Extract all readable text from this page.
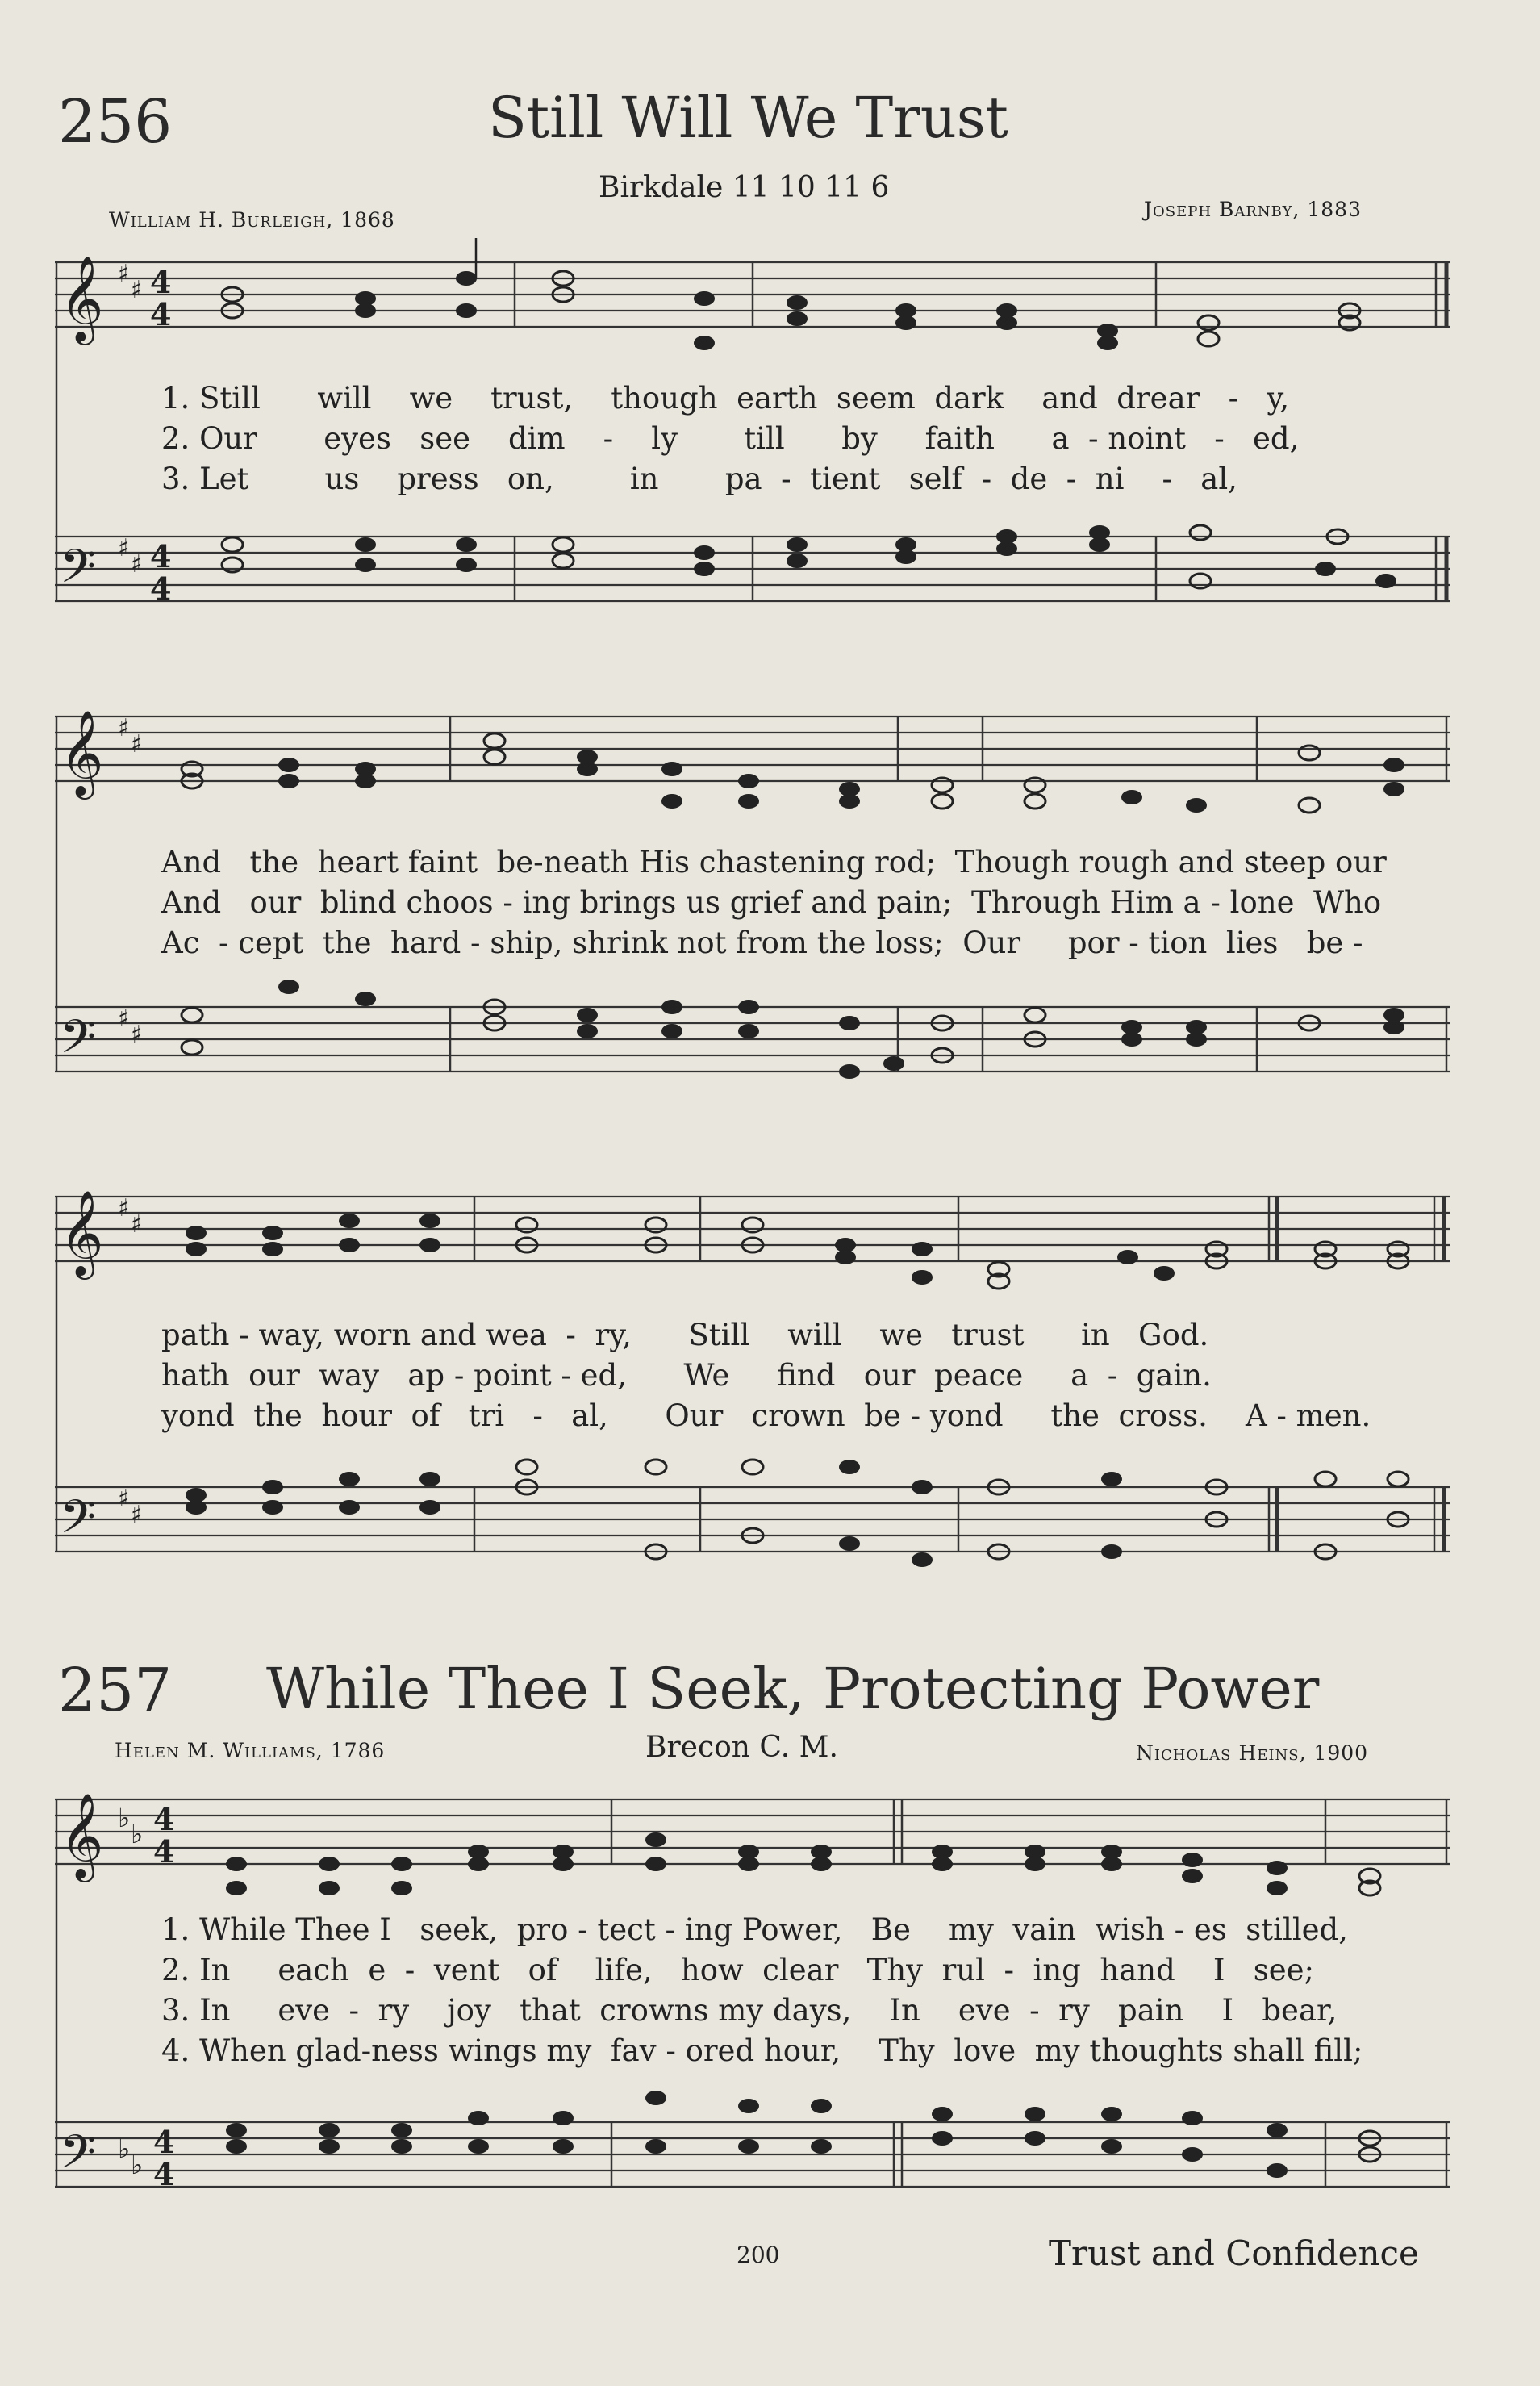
256	Still Will We Trust
Birkdale 11 10 11 6
William H. Burleigh, 1868	Joseph Barnby, 1883
𝄞
𝄢
♯
♯
♯
♯
4
4
4
4
1. Still      will    we    trust,    though  earth  seem  dark    and  drear   -   y,
2. Our       eyes   see    dim    -    ly       till      by     faith      a  - noint   -   ed,
3. Let        us    press   on,        in       pa  -  tient   self  -  de  -  ni    -   al,
𝄞
𝄢
♯
♯
♯
♯
And   the  heart faint  be-neath His chastening rod;  Though rough and steep our
And   our  blind choos - ing brings us grief and pain;  Through Him a - lone  Who
Ac  - cept  the  hard - ship, shrink not from the loss;  Our     por - tion  lies   be -
𝄞
𝄢
♯
♯
♯
♯
path - way, worn and wea  -  ry,      Still    will    we   trust      in   God.
hath  our  way   ap - point - ed,      We     find   our  peace     a  -  gain.
yond  the  hour  of   tri   -   al,      Our   crown  be - yond     the  cross.    A - men.
257 While Thee I Seek, Protecting Power
Helen M. Williams, 1786	Brecon C. M.	Nicholas Heins, 1900
𝄞
𝄢
♭
♭
♭
♭
4
4
4
4
1. While Thee I   seek,  pro - tect - ing Power,   Be    my  vain  wish - es  stilled,
2. In     each  e  -  vent   of    life,   how  clear   Thy  rul  -  ing  hand    I   see;
3. In     eve  -  ry    joy   that  crowns my days,    In    eve  -  ry   pain    I   bear,
4. When glad-ness wings my  fav - ored hour,    Thy  love  my thoughts shall fill;
200	Trust and Confidence
